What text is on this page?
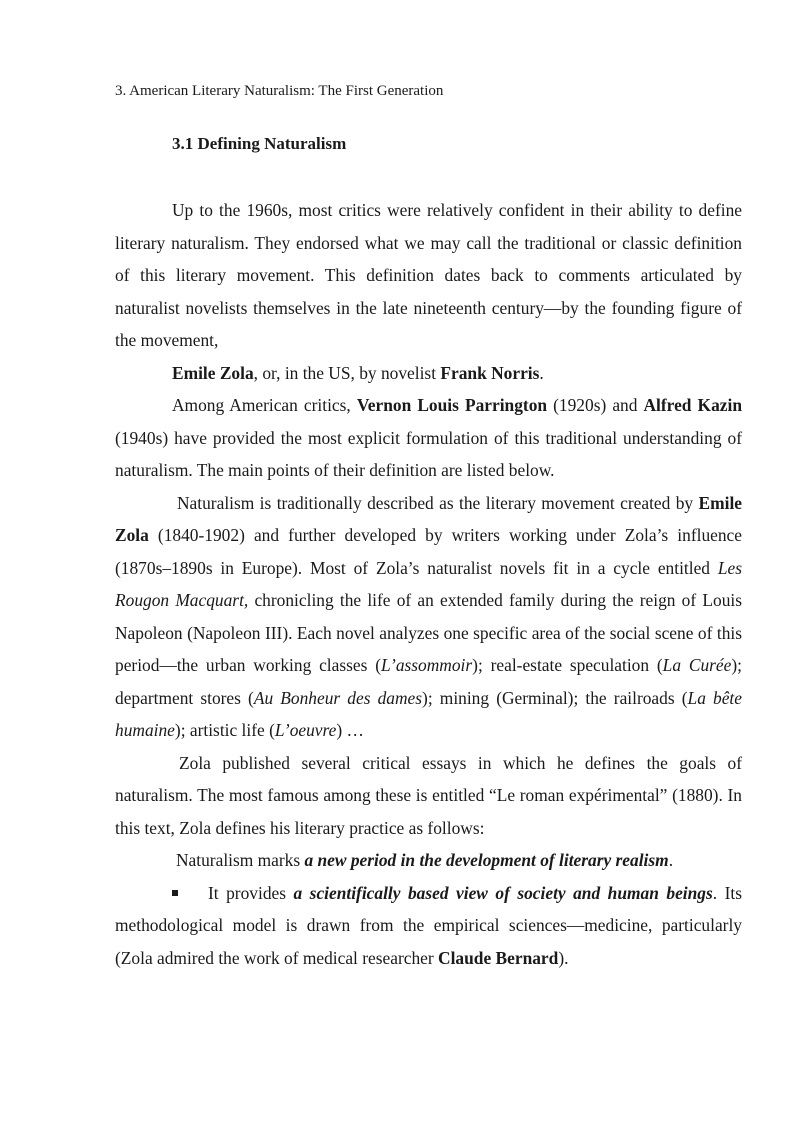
3. American Literary Naturalism: The First Generation
3.1 Defining Naturalism

Up to the 1960s, most critics were relatively confident in their ability to define literary naturalism. They endorsed what we may call the traditional or classic definition of this literary movement. This definition dates back to comments articulated by naturalist novelists themselves in the late nineteenth century—by the founding figure of the movement,

Emile Zola, or, in the US, by novelist Frank Norris.

Among American critics, Vernon Louis Parrington (1920s) and Alfred Kazin (1940s) have provided the most explicit formulation of this traditional understanding of naturalism. The main points of their definition are listed below.

Naturalism is traditionally described as the literary movement created by Emile Zola (1840-1902) and further developed by writers working under Zola’s influence (1870s–1890s in Europe). Most of Zola’s naturalist novels fit in a cycle entitled Les Rougon Macquart, chronicling the life of an extended family during the reign of Louis Napoleon (Napoleon III). Each novel analyzes one specific area of the social scene of this period—the urban working classes (L’assommoir); real-estate speculation (La Curée); department stores (Au Bonheur des dames); mining (Germinal); the railroads (La bête humaine); artistic life (L’oeuvre) …

Zola published several critical essays in which he defines the goals of naturalism. The most famous among these is entitled “Le roman expérimental” (1880). In this text, Zola defines his literary practice as follows:

Naturalism marks a new period in the development of literary realism.

It provides a scientifically based view of society and human beings. Its methodological model is drawn from the empirical sciences—medicine, particularly (Zola admired the work of medical researcher Claude Bernard).
